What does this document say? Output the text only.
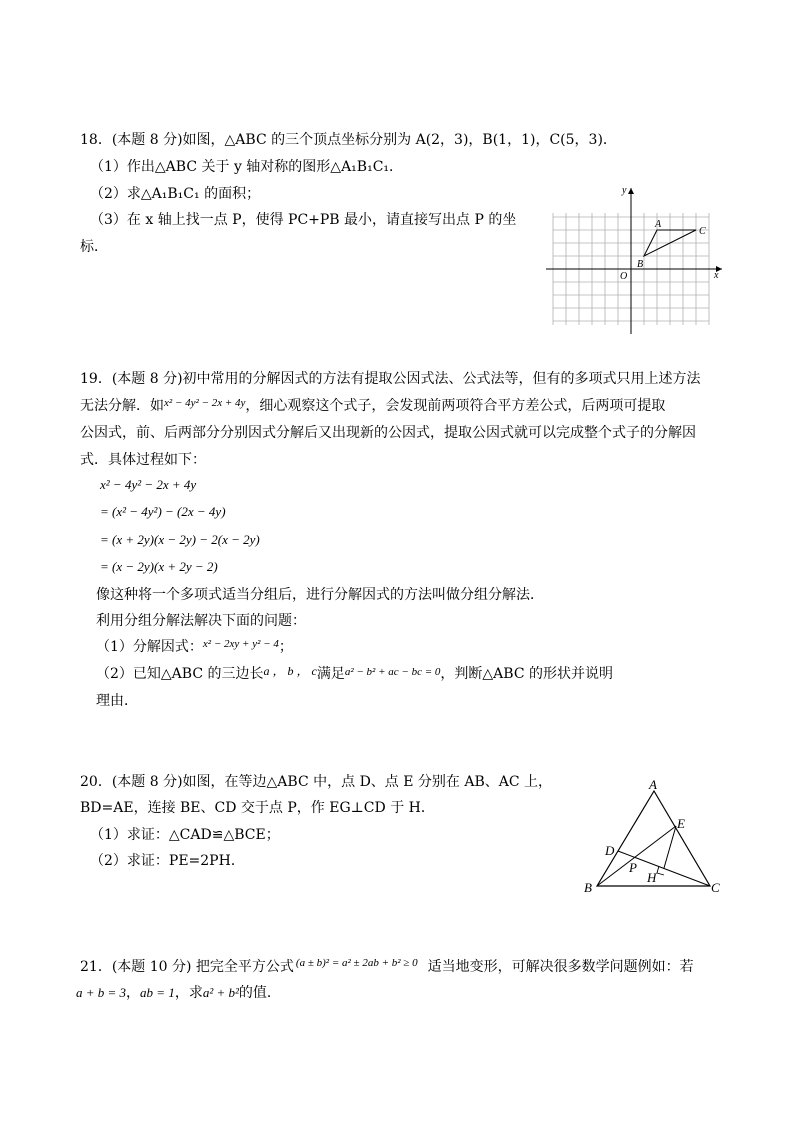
18．(本题 8 分)如图，△ABC 的三个顶点坐标分别为 A(2，3)，B(1，1)，C(5，3)．
（1）作出△ABC 关于 y 轴对称的图形△A₁B₁C₁．
（2）求△A₁B₁C₁ 的面积；
（3）在 x 轴上找一点 P，使得 PC+PB 最小，请直接写出点 P 的坐
标．
x
y
O
A
B
C
19．(本题 8 分)初中常用的分解因式的方法有提取公因式法、公式法等，但有的多项式只用上述方法
无法分解．如$^{x^2 - 4y^2 - 2x + 4y}$，细心观察这个式子，会发现前两项符合平方差公式，后两项可提取
公因式，前、后两部分分别因式分解后又出现新的公因式，提取公因式就可以完成整个式子的分解因
式．具体过程如下：
x² − 4y² − 2x + 4y
= (x² − 4y²) − (2x − 4y)
= (x + 2y)(x − 2y) − 2(x − 2y)
= (x − 2y)(x + 2y − 2)
像这种将一个多项式适当分组后，进行分解因式的方法叫做分组分解法．
利用分组分解法解决下面的问题：
（1）分解因式：$^{x^2 - 2xy + y^2 - 4}$；
（2）已知△ABC 的三边长a ， b ， c满足$^{a^2 - b^2 + ac - bc = 0}$，判断△ABC 的形状并说明
理由．
20．(本题 8 分)如图，在等边△ABC 中，点 D、点 E 分别在 AB、AC 上，
BD=AE，连接 BE、CD 交于点 P，作 EG⊥CD 于 H．
（1）求证：△CAD≌△BCE；
（2）求证：PE=2PH．
A
B	C
D
E
P
H
21．(本题 10 分) 把完全平方公式 $^{(a \pm b)^2 = a^2 \pm 2ab + b^2 \ge 0}$ 适当地变形，可解决很多数学问题例如：若
a + b = 3，ab = 1，求a² + b²的值．
